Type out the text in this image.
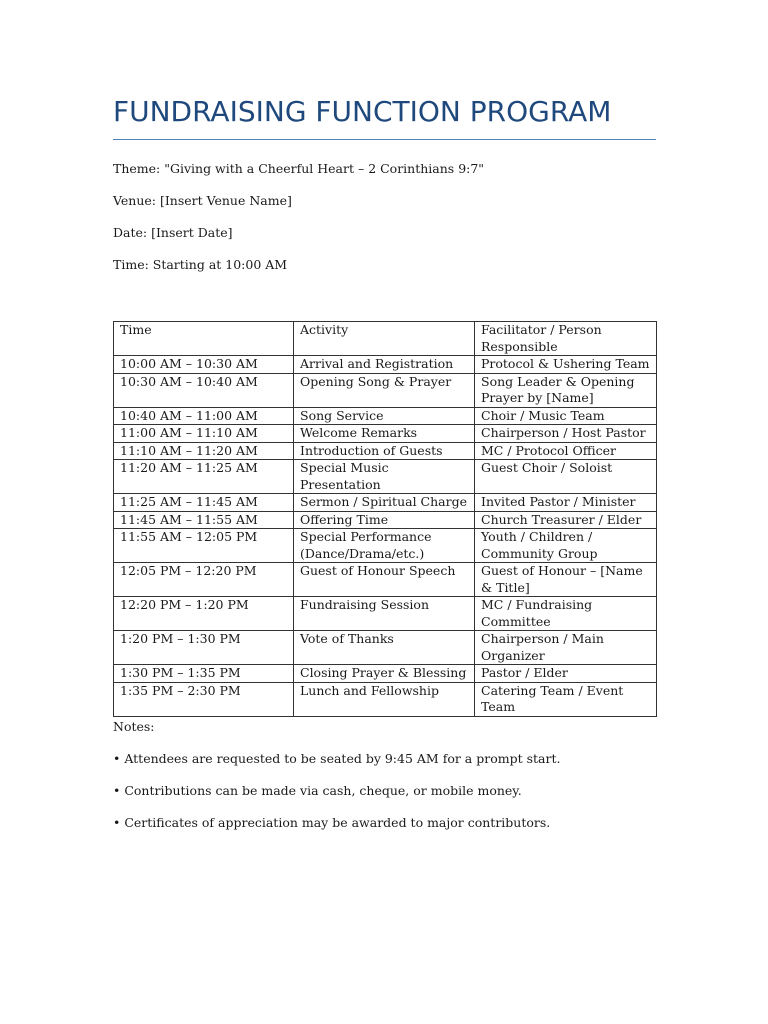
FUNDRAISING FUNCTION PROGRAM
Theme: "Giving with a Cheerful Heart – 2 Corinthians 9:7"
Venue: [Insert Venue Name]
Date: [Insert Date]
Time: Starting at 10:00 AM
Time	Activity	Facilitator / Person Responsible
10:00 AM – 10:30 AM	Arrival and Registration	Protocol & Ushering Team
10:30 AM – 10:40 AM	Opening Song & Prayer	Song Leader & Opening Prayer by [Name]
10:40 AM – 11:00 AM	Song Service	Choir / Music Team
11:00 AM – 11:10 AM	Welcome Remarks	Chairperson / Host Pastor
11:10 AM – 11:20 AM	Introduction of Guests	MC / Protocol Officer
11:20 AM – 11:25 AM	Special Music Presentation	Guest Choir / Soloist
11:25 AM – 11:45 AM	Sermon / Spiritual Charge	Invited Pastor / Minister
11:45 AM – 11:55 AM	Offering Time	Church Treasurer / Elder
11:55 AM – 12:05 PM	Special Performance (Dance/Drama/etc.)	Youth / Children / Community Group
12:05 PM – 12:20 PM	Guest of Honour Speech	Guest of Honour – [Name & Title]
12:20 PM – 1:20 PM	Fundraising Session	MC / Fundraising Committee
1:20 PM – 1:30 PM	Vote of Thanks	Chairperson / Main Organizer
1:30 PM – 1:35 PM	Closing Prayer & Blessing	Pastor / Elder
1:35 PM – 2:30 PM	Lunch and Fellowship	Catering Team / Event Team
Notes:
• Attendees are requested to be seated by 9:45 AM for a prompt start.
• Contributions can be made via cash, cheque, or mobile money.
• Certificates of appreciation may be awarded to major contributors.
